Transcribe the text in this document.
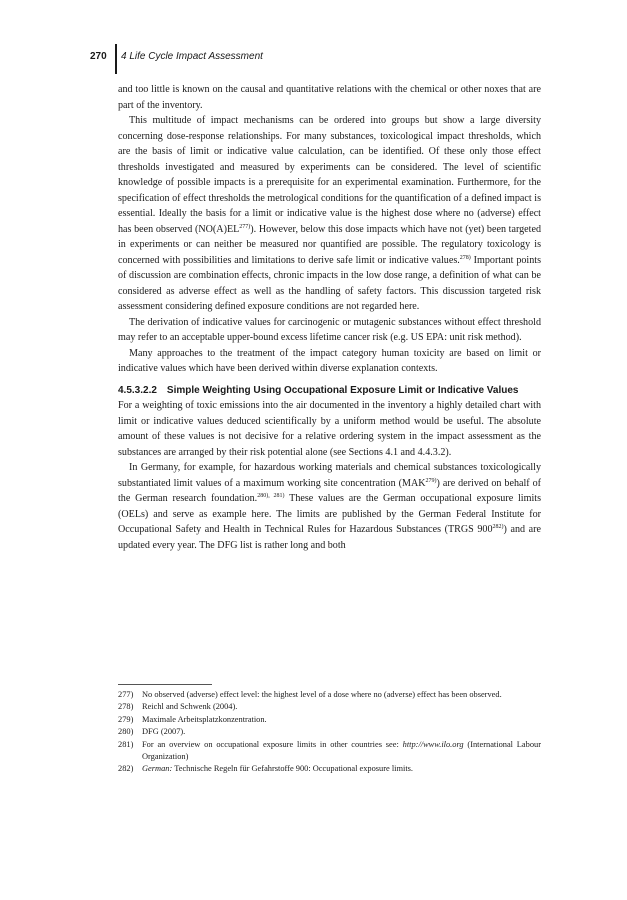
270 4 Life Cycle Impact Assessment

and too little is known on the causal and quantitative relations with the chemical or other noxes that are part of the inventory.

This multitude of impact mechanisms can be ordered into groups but show a large diversity concerning dose-response relationships. For many substances, toxicological impact thresholds, which are the basis of limit or indicative value calculation, can be identified. Of these only those effect thresholds investigated and measured by experiments can be considered. The level of scientific knowledge of possible impacts is a prerequisite for an experimental examination. Furthermore, for the specification of effect thresholds the metrological conditions for the quantification of a defined impact is essential. Ideally the basis for a limit or indicative value is the highest dose where no (adverse) effect has been observed (NO(A)EL$^{277)}$). However, below this dose impacts which have not (yet) been targeted in experiments or can neither be measured nor quantified are possible. The regulatory toxicology is concerned with possibilities and limitations to derive safe limit or indicative values.$^{278)}$ Important points of discussion are combination effects, chronic impacts in the low dose range, a definition of what can be considered as adverse effect as well as the handling of safety factors. This discussion targeted risk assessment considering defined exposure conditions are not regarded here.

The derivation of indicative values for carcinogenic or mutagenic substances without effect threshold may refer to an acceptable upper-bound excess lifetime cancer risk (e.g. US EPA: unit risk method).

Many approaches to the treatment of the impact category human toxicity are based on limit or indicative values which have been derived within diverse explanation contexts.

4.5.3.2.2 Simple Weighting Using Occupational Exposure Limit or Indicative Values

For a weighting of toxic emissions into the air documented in the inventory a highly detailed chart with limit or indicative values deduced scientifically by a uniform method would be useful. The absolute amount of these values is not decisive for a relative ordering system in the impact assessment as the substances are arranged by their risk potential alone (see Sections 4.1 and 4.4.3.2).

In Germany, for example, for hazardous working materials and chemical substances toxicologically substantiated limit values of a maximum working site concentration (MAK$^{279)}$) are derived on behalf of the German research foundation.$^{280), 281)}$ These values are the German occupational exposure limits (OELs) and serve as example here. The limits are published by the German Federal Institute for Occupational Safety and Health in Technical Rules for Hazardous Substances (TRGS 900$^{282)}$) and are updated every year. The DFG list is rather long and both

277)	No observed (adverse) effect level: the highest level of a dose where no (adverse) effect has been observed.
278)	Reichl and Schwenk (2004).
279)	Maximale Arbeitsplatzkonzentration.
280)	DFG (2007).
281)	For an overview on occupational exposure limits in other countries see: http://www.ilo.org (International Labour Organization)
282)	German: Technische Regeln für Gefahrstoffe 900: Occupational exposure limits.
